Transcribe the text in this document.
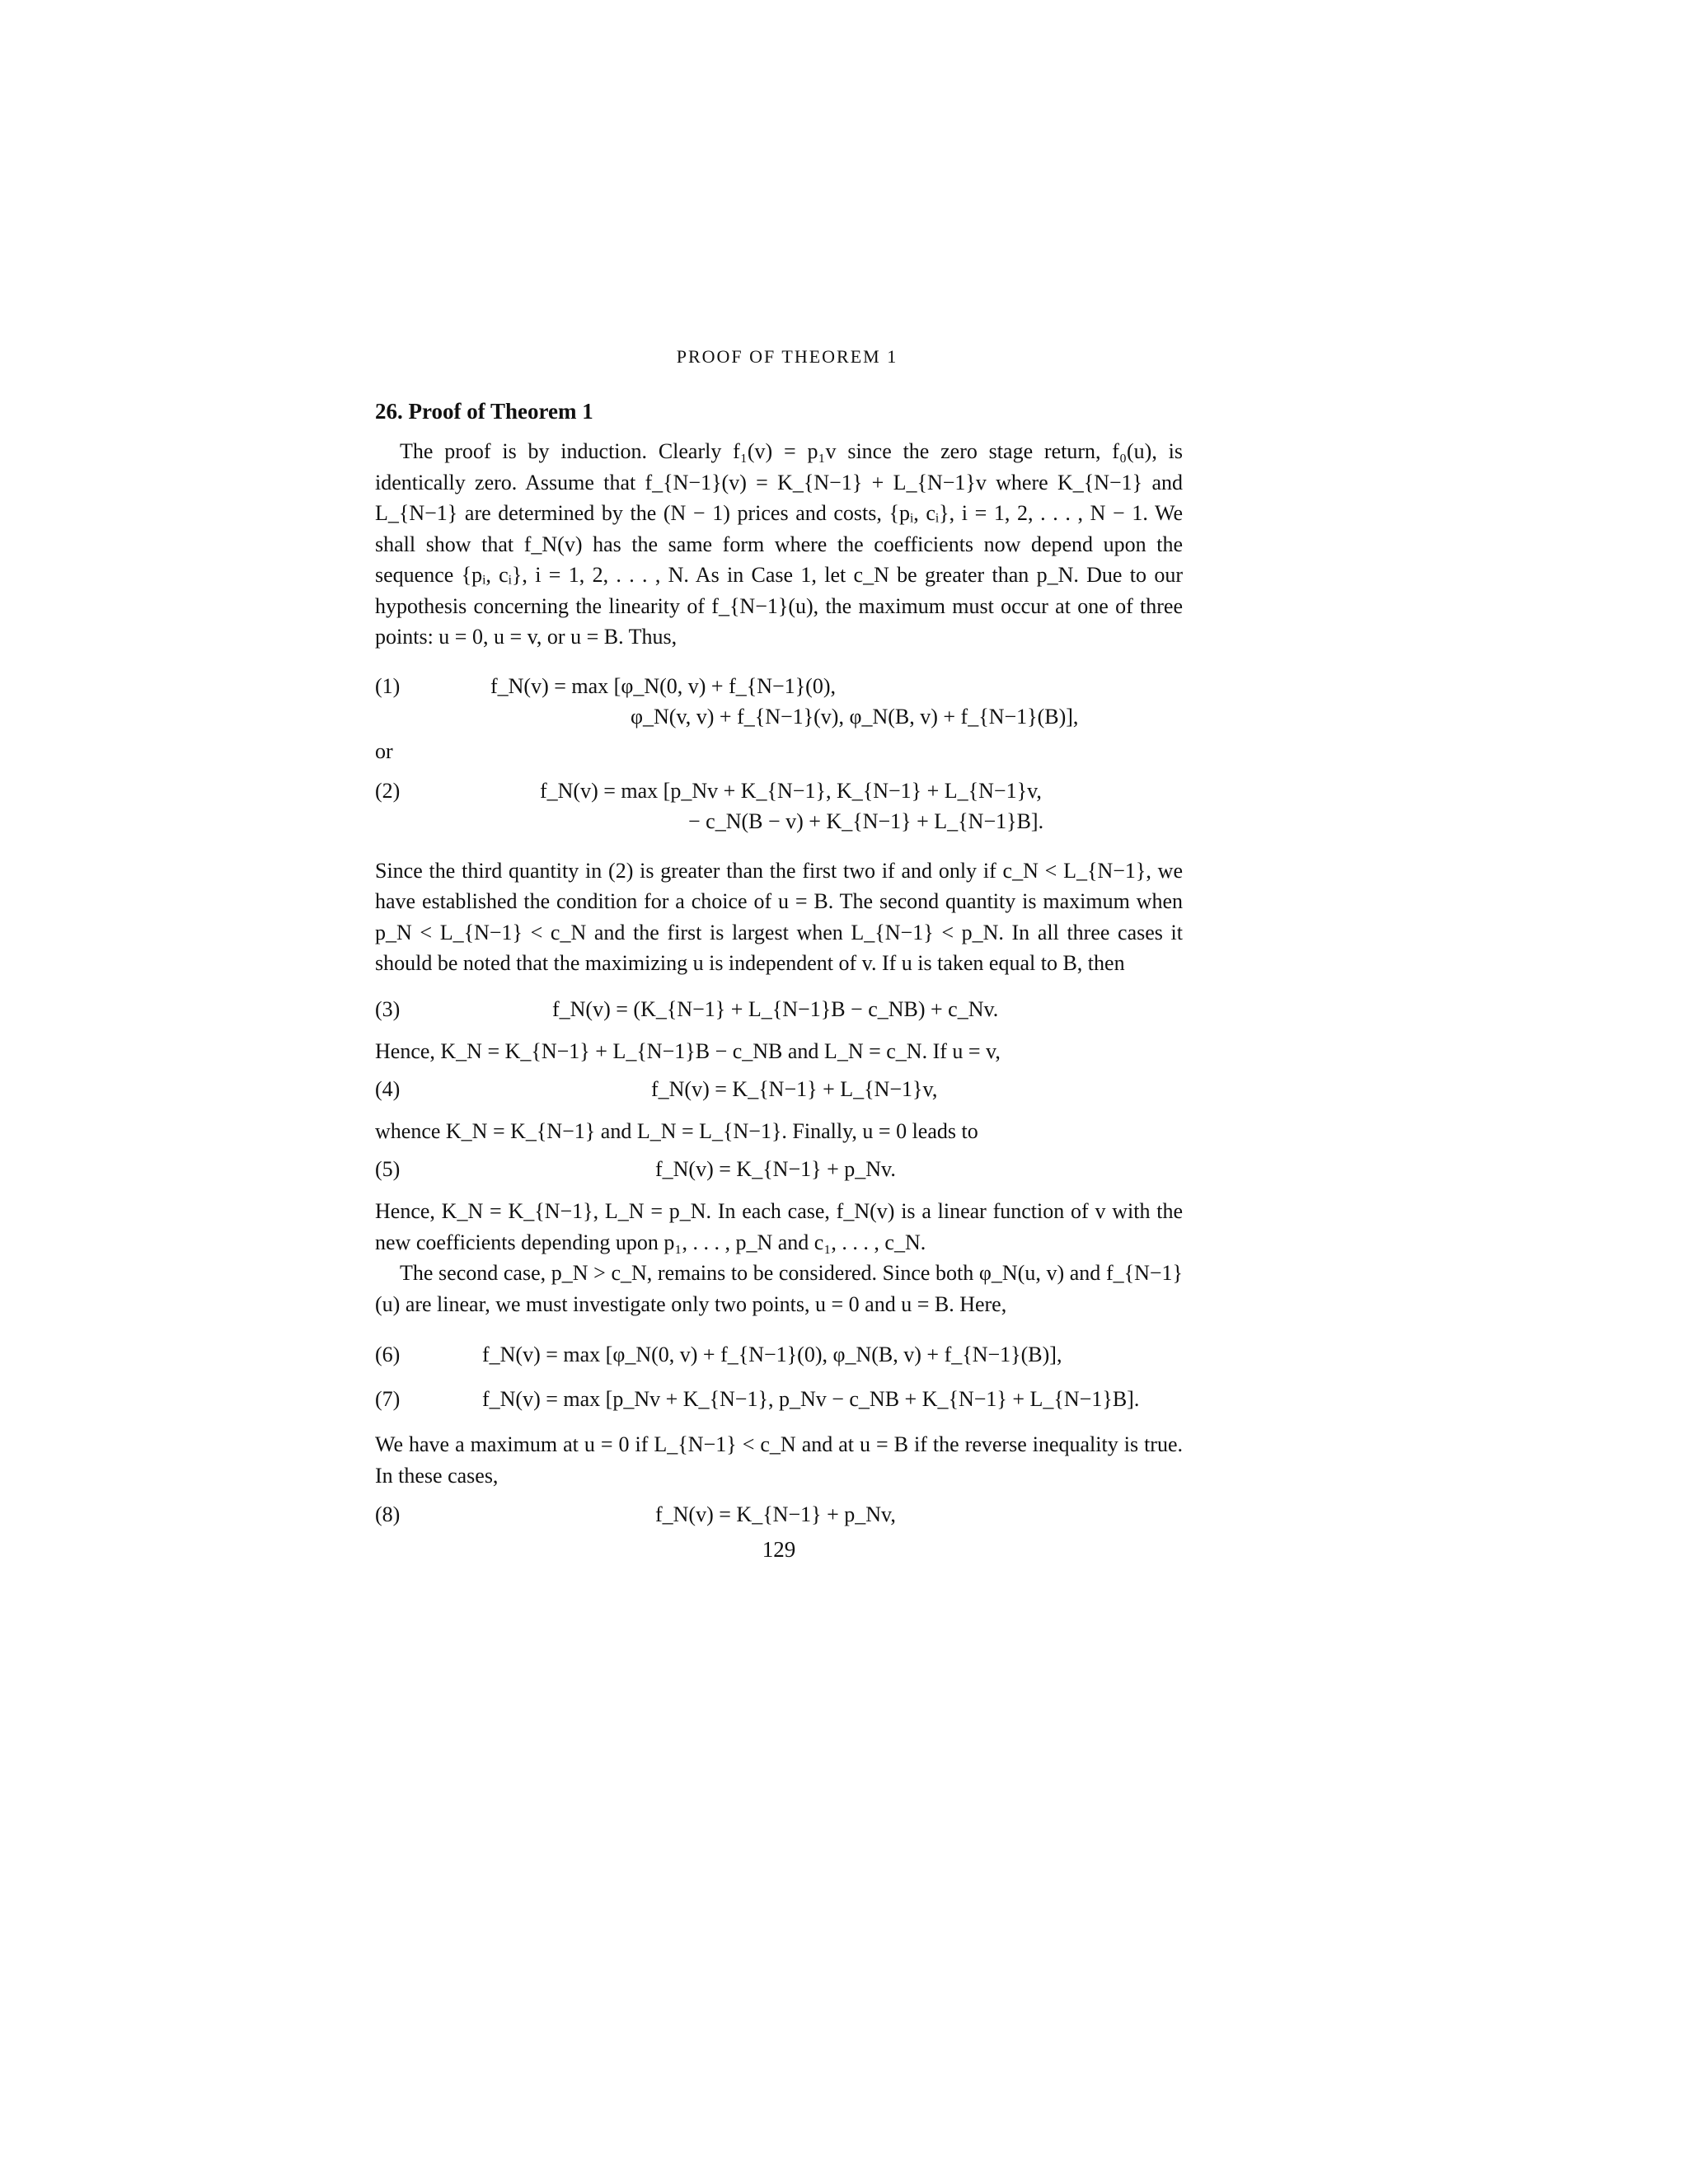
PROOF OF THEOREM 1
26. Proof of Theorem 1

The proof is by induction. Clearly f₁(v) = p₁v since the zero stage return, f₀(u), is identically zero. Assume that f_{N−1}(v) = K_{N−1} + L_{N−1}v where K_{N−1} and L_{N−1} are determined by the (N − 1) prices and costs, {pᵢ, cᵢ}, i = 1, 2, . . . , N − 1. We shall show that f_N(v) has the same form where the coefficients now depend upon the sequence {pᵢ, cᵢ}, i = 1, 2, . . . , N. As in Case 1, let c_N be greater than p_N. Due to our hypothesis concerning the linearity of f_{N−1}(u), the maximum must occur at one of three points: u = 0, u = v, or u = B. Thus,

(1)	f_N(v) = max [φ_N(0, v) + f_{N−1}(0),
φ_N(v, v) + f_{N−1}(v), φ_N(B, v) + f_{N−1}(B)],
or
(2)	f_N(v) = max [p_Nv + K_{N−1}, K_{N−1} + L_{N−1}v,
− c_N(B − v) + K_{N−1} + L_{N−1}B].

Since the third quantity in (2) is greater than the first two if and only if c_N < L_{N−1}, we have established the condition for a choice of u = B. The second quantity is maximum when p_N < L_{N−1} < c_N and the first is largest when L_{N−1} < p_N. In all three cases it should be noted that the maximizing u is independent of v. If u is taken equal to B, then

(3)	f_N(v) = (K_{N−1} + L_{N−1}B − c_NB) + c_Nv.

Hence, K_N = K_{N−1} + L_{N−1}B − c_NB and L_N = c_N. If u = v,

(4)	f_N(v) = K_{N−1} + L_{N−1}v,

whence K_N = K_{N−1} and L_N = L_{N−1}. Finally, u = 0 leads to

(5)	f_N(v) = K_{N−1} + p_Nv.

Hence, K_N = K_{N−1}, L_N = p_N. In each case, f_N(v) is a linear function of v with the new coefficients depending upon p₁, . . . , p_N and c₁, . . . , c_N.

The second case, p_N > c_N, remains to be considered. Since both φ_N(u, v) and f_{N−1}(u) are linear, we must investigate only two points, u = 0 and u = B. Here,

(6)	f_N(v) = max [φ_N(0, v) + f_{N−1}(0), φ_N(B, v) + f_{N−1}(B)],
(7)	f_N(v) = max [p_Nv + K_{N−1}, p_Nv − c_NB + K_{N−1} + L_{N−1}B].

We have a maximum at u = 0 if L_{N−1} < c_N and at u = B if the reverse inequality is true. In these cases,

(8)	f_N(v) = K_{N−1} + p_Nv,
129
